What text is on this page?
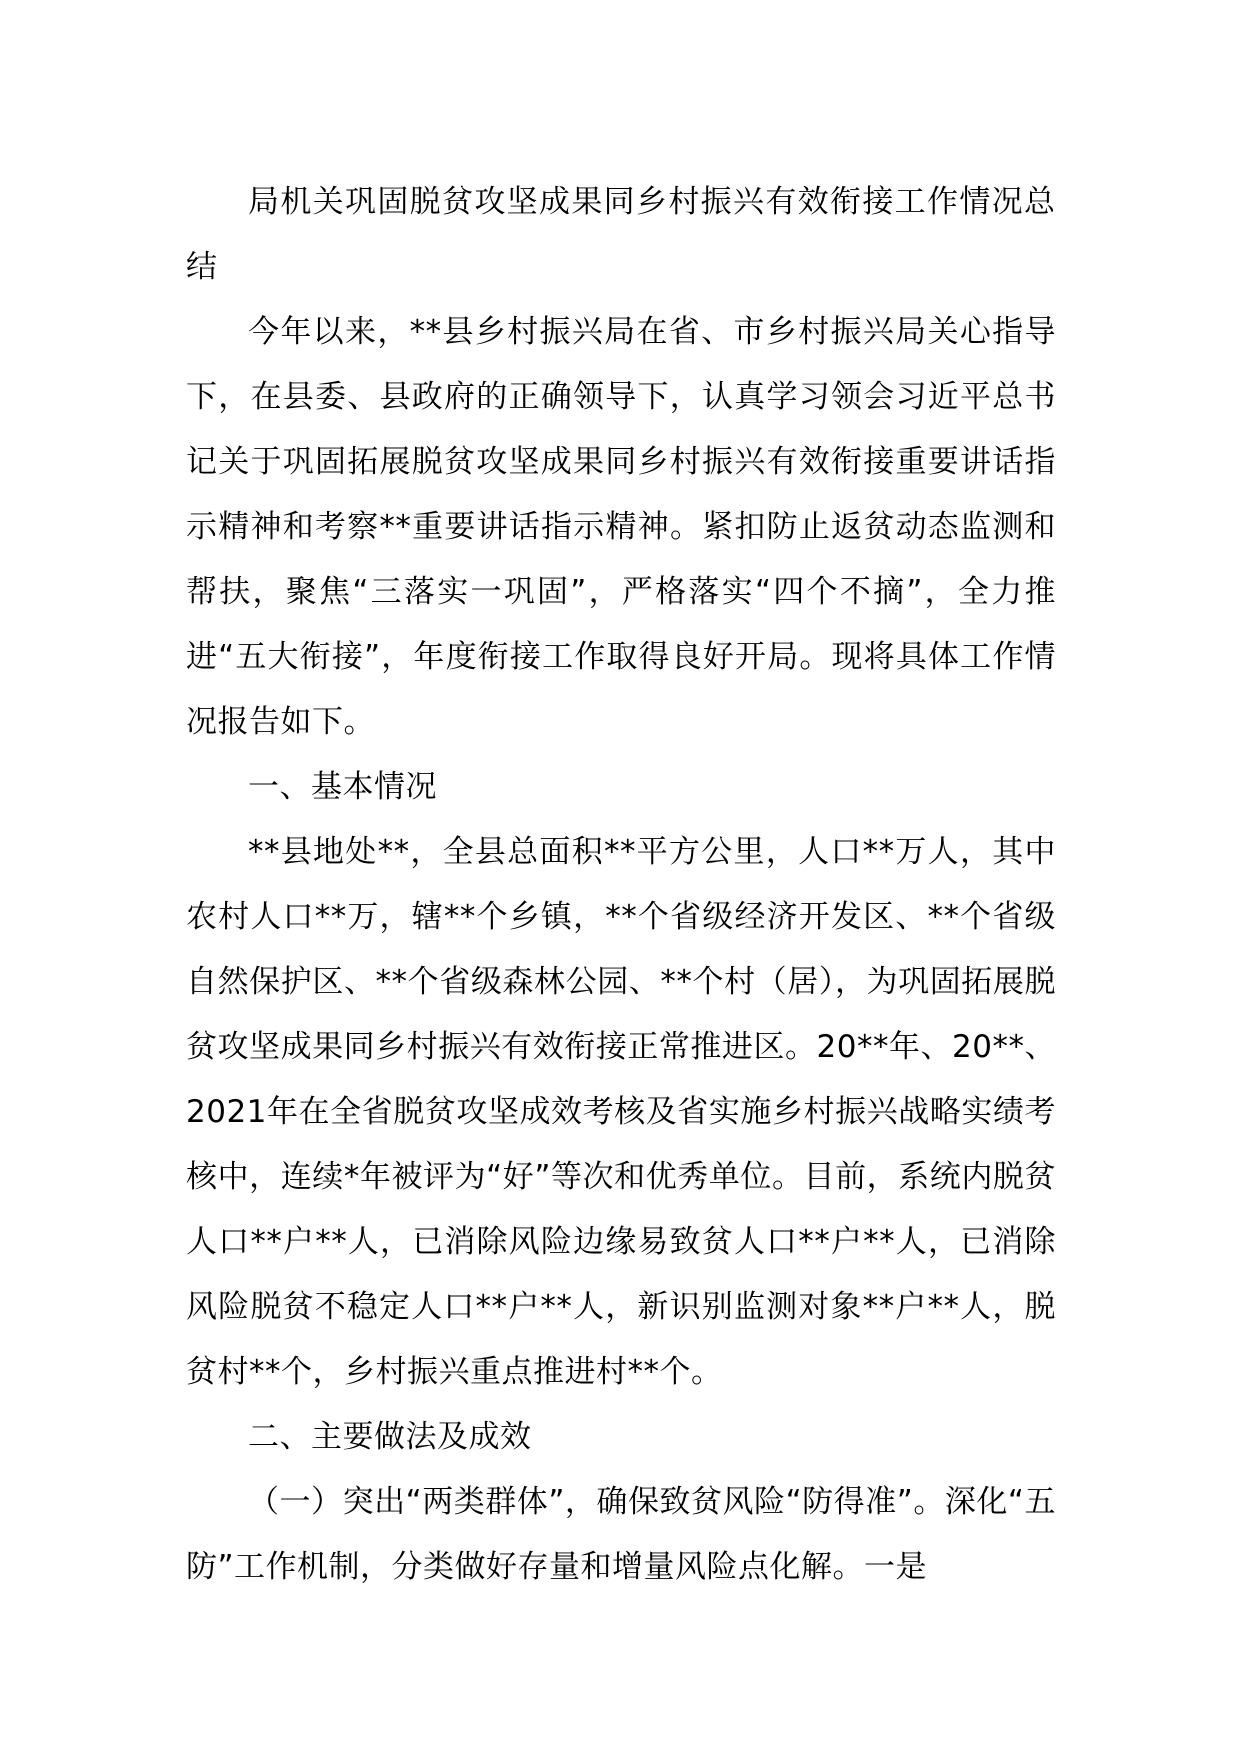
局机关巩固脱贫攻坚成果同乡村振兴有效衔接工作情况总结

今年以来，**县乡村振兴局在省、市乡村振兴局关心指导下，在县委、县政府的正确领导下，认真学习领会习近平总书记关于巩固拓展脱贫攻坚成果同乡村振兴有效衔接重要讲话指示精神和考察**重要讲话指示精神。紧扣防止返贫动态监测和帮扶，聚焦“三落实一巩固”，严格落实“四个不摘”，全力推进“五大衔接”，年度衔接工作取得良好开局。现将具体工作情况报告如下。

一、基本情况

**县地处**，全县总面积**平方公里，人口**万人，其中农村人口**万，辖**个乡镇，**个省级经济开发区、**个省级自然保护区、**个省级森林公园、**个村（居），为巩固拓展脱贫攻坚成果同乡村振兴有效衔接正常推进区。20**年、20**、2021年在全省脱贫攻坚成效考核及省实施乡村振兴战略实绩考核中，连续*年被评为“好”等次和优秀单位。目前，系统内脱贫人口**户**人，已消除风险边缘易致贫人口**户**人，已消除风险脱贫不稳定人口**户**人，新识别监测对象**户**人，脱贫村**个，乡村振兴重点推进村**个。

二、主要做法及成效

（一）突出“两类群体”，确保致贫风险“防得准”。深化“五防”工作机制，分类做好存量和增量风险点化解。一是
